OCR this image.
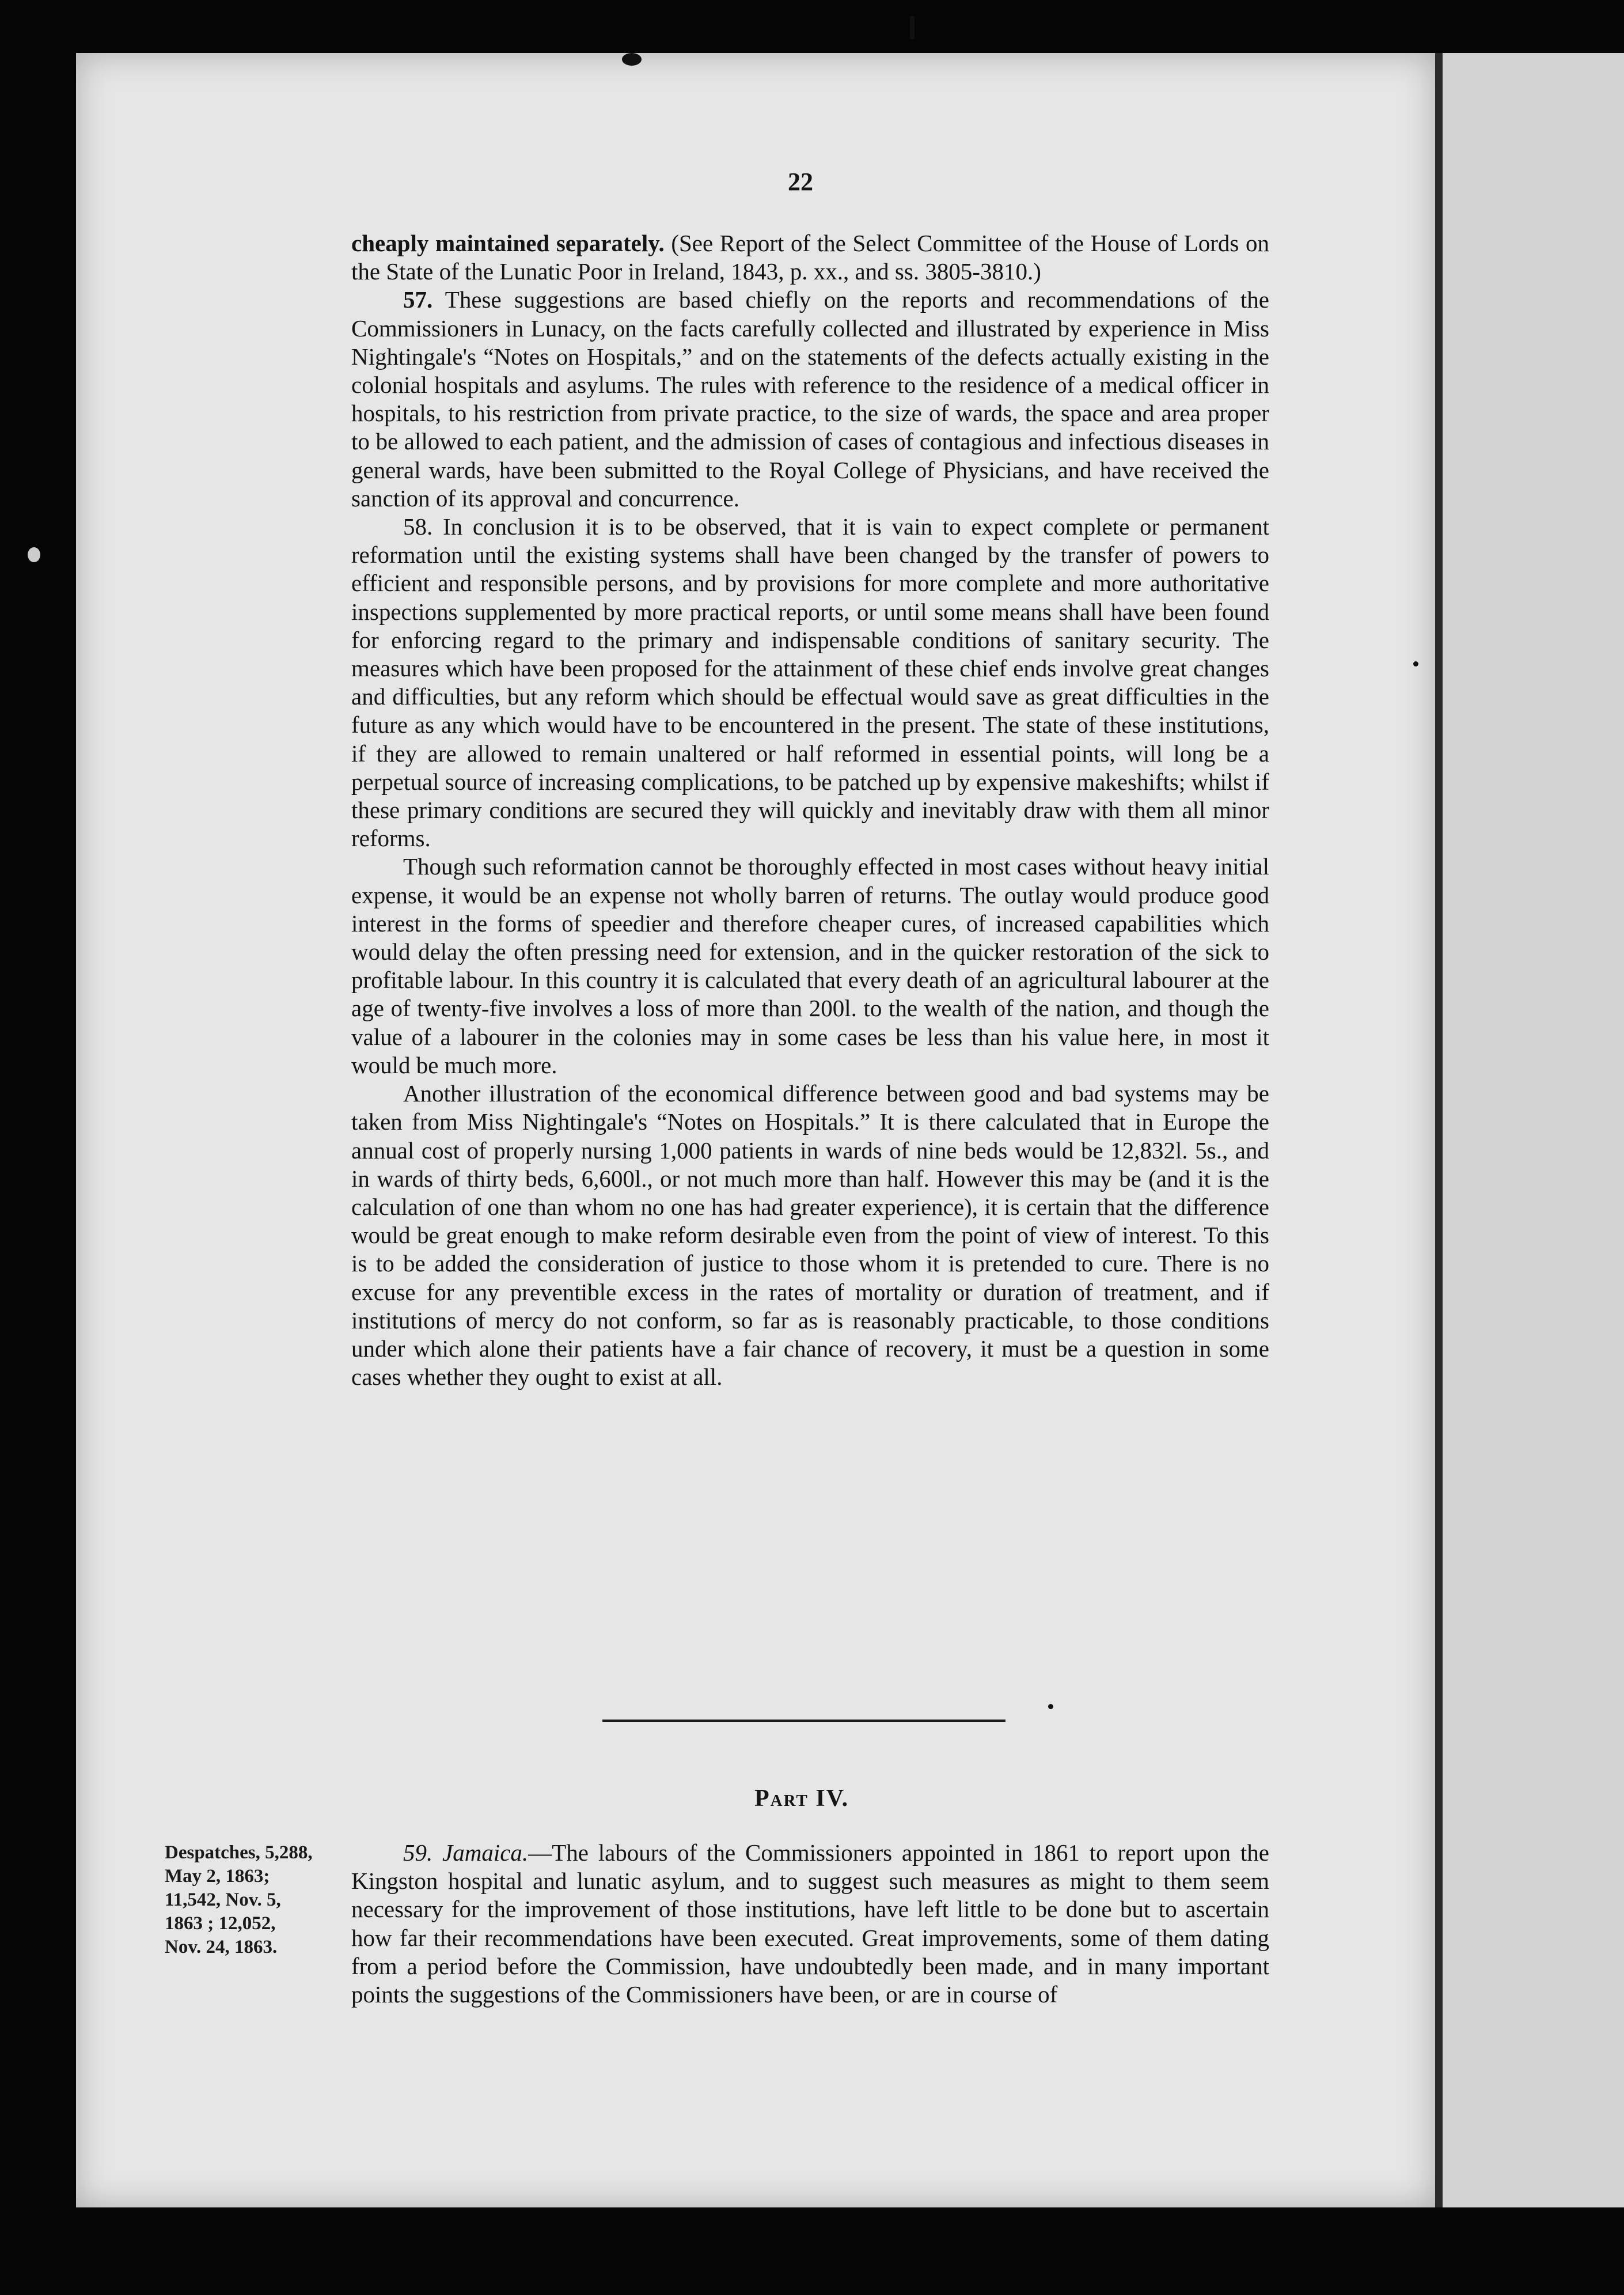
22

cheaply maintained separately. (See Report of the Select Committee of the House of Lords on the State of the Lunatic Poor in Ireland, 1843, p. xx., and ss. 3805-3810.)

57. These suggestions are based chiefly on the reports and recommendations of the Commissioners in Lunacy, on the facts carefully collected and illustrated by experience in Miss Nightingale's “Notes on Hospitals,” and on the statements of the defects actually existing in the colonial hospitals and asylums. The rules with reference to the residence of a medical officer in hospitals, to his restriction from private practice, to the size of wards, the space and area proper to be allowed to each patient, and the admission of cases of contagious and infectious diseases in general wards, have been submitted to the Royal College of Physicians, and have received the sanction of its approval and concurrence.

58. In conclusion it is to be observed, that it is vain to expect complete or permanent reformation until the existing systems shall have been changed by the transfer of powers to efficient and responsible persons, and by provisions for more complete and more authoritative inspections supplemented by more practical reports, or until some means shall have been found for enforcing regard to the primary and indispensable conditions of sanitary security. The measures which have been proposed for the attainment of these chief ends involve great changes and difficulties, but any reform which should be effectual would save as great difficulties in the future as any which would have to be encountered in the present. The state of these institutions, if they are allowed to remain unaltered or half reformed in essential points, will long be a perpetual source of increasing complications, to be patched up by expensive makeshifts; whilst if these primary conditions are secured they will quickly and inevitably draw with them all minor reforms.

Though such reformation cannot be thoroughly effected in most cases without heavy initial expense, it would be an expense not wholly barren of returns. The outlay would produce good interest in the forms of speedier and therefore cheaper cures, of increased capabilities which would delay the often pressing need for extension, and in the quicker restoration of the sick to profitable labour. In this country it is calculated that every death of an agricultural labourer at the age of twenty-five involves a loss of more than 200l. to the wealth of the nation, and though the value of a labourer in the colonies may in some cases be less than his value here, in most it would be much more.

Another illustration of the economical difference between good and bad systems may be taken from Miss Nightingale's “Notes on Hospitals.” It is there calculated that in Europe the annual cost of properly nursing 1,000 patients in wards of nine beds would be 12,832l. 5s., and in wards of thirty beds, 6,600l., or not much more than half. However this may be (and it is the calculation of one than whom no one has had greater experience), it is certain that the difference would be great enough to make reform desirable even from the point of view of interest. To this is to be added the consideration of justice to those whom it is pretended to cure. There is no excuse for any preventible excess in the rates of mortality or duration of treatment, and if institutions of mercy do not conform, so far as is reasonably practicable, to those conditions under which alone their patients have a fair chance of recovery, it must be a question in some cases whether they ought to exist at all.

Part IV.
Despatches, 5,288,
May 2, 1863;
11,542, Nov. 5,
1863 ; 12,052,
Nov. 24, 1863.

59. Jamaica.—The labours of the Commissioners appointed in 1861 to report upon the Kingston hospital and lunatic asylum, and to suggest such measures as might to them seem necessary for the improvement of those institutions, have left little to be done but to ascertain how far their recommendations have been executed. Great improvements, some of them dating from a period before the Commission, have undoubtedly been made, and in many important points the suggestions of the Commissioners have been, or are in course of
